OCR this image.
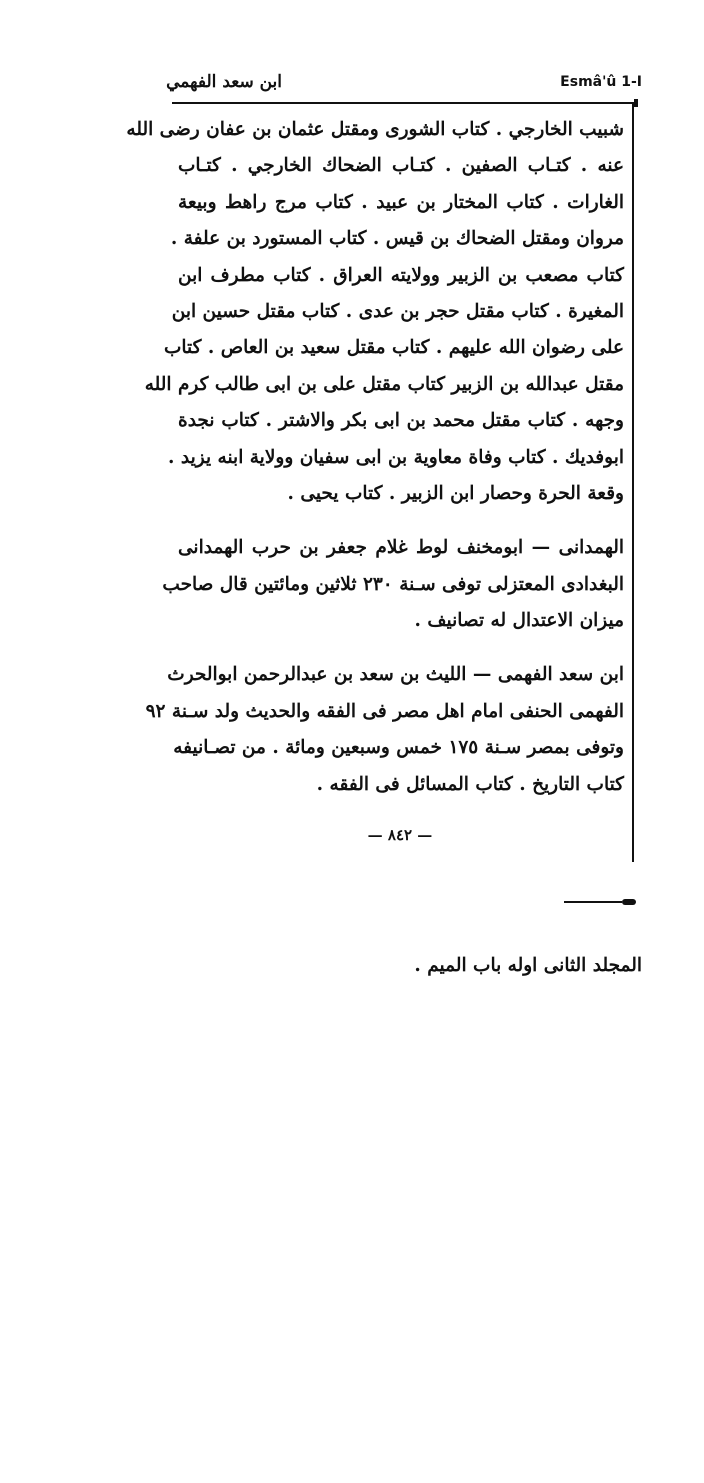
ابن سعد الفهمي	Esmâ'û 1-I
شبيب الخارجي . كتاب الشورى ومقتل عثمان بن عفان رضى الله
عنه . كتـاب الصفين . كتـاب الضحاك الخارجي . كتـاب
الغارات . كتاب المختار بن عبيد . كتاب مرج راهط وبيعة
مروان ومقتل الضحاك بن قيس . كتاب المستورد بن علفة .
كتاب مصعب بن الزبير وولايته العراق . كتاب مطرف ابن
المغيرة . كتاب مقتل حجر بن عدى . كتاب مقتل حسين ابن
على رضوان الله عليهم . كتاب مقتل سعيد بن العاص . كتاب
مقتل عبدالله بن الزبير كتاب مقتل على بن ابى طالب كرم الله
وجهه . كتاب مقتل محمد بن ابى بكر والاشتر . كتاب نجدة
ابوفديك . كتاب وفاة معاوية بن ابى سفيان وولاية ابنه يزيد .
وقعة الحرة وحصار ابن الزبير . كتاب يحيى .
الهمدانى — ابومخنف لوط غلام جعفر بن حرب الهمدانى
البغدادى المعتزلى توفى سـنة ٢٣٠ ثلاثين ومائتين قال صاحب
ميزان الاعتدال له تصانيف .
ابن سعد الفهمى — الليث بن سعد بن عبدالرحمن ابوالحرث
الفهمى الحنفى امام اهل مصر فى الفقه والحديث ولد سـنة ٩٢
وتوفى بمصر سـنة ١٧٥ خمس وسبعين ومائة . من تصـانيفه
كتاب التاريخ . كتاب المسائل فى الفقه .
— ٨٤٢ —
المجلد الثانى اوله باب الميم .
